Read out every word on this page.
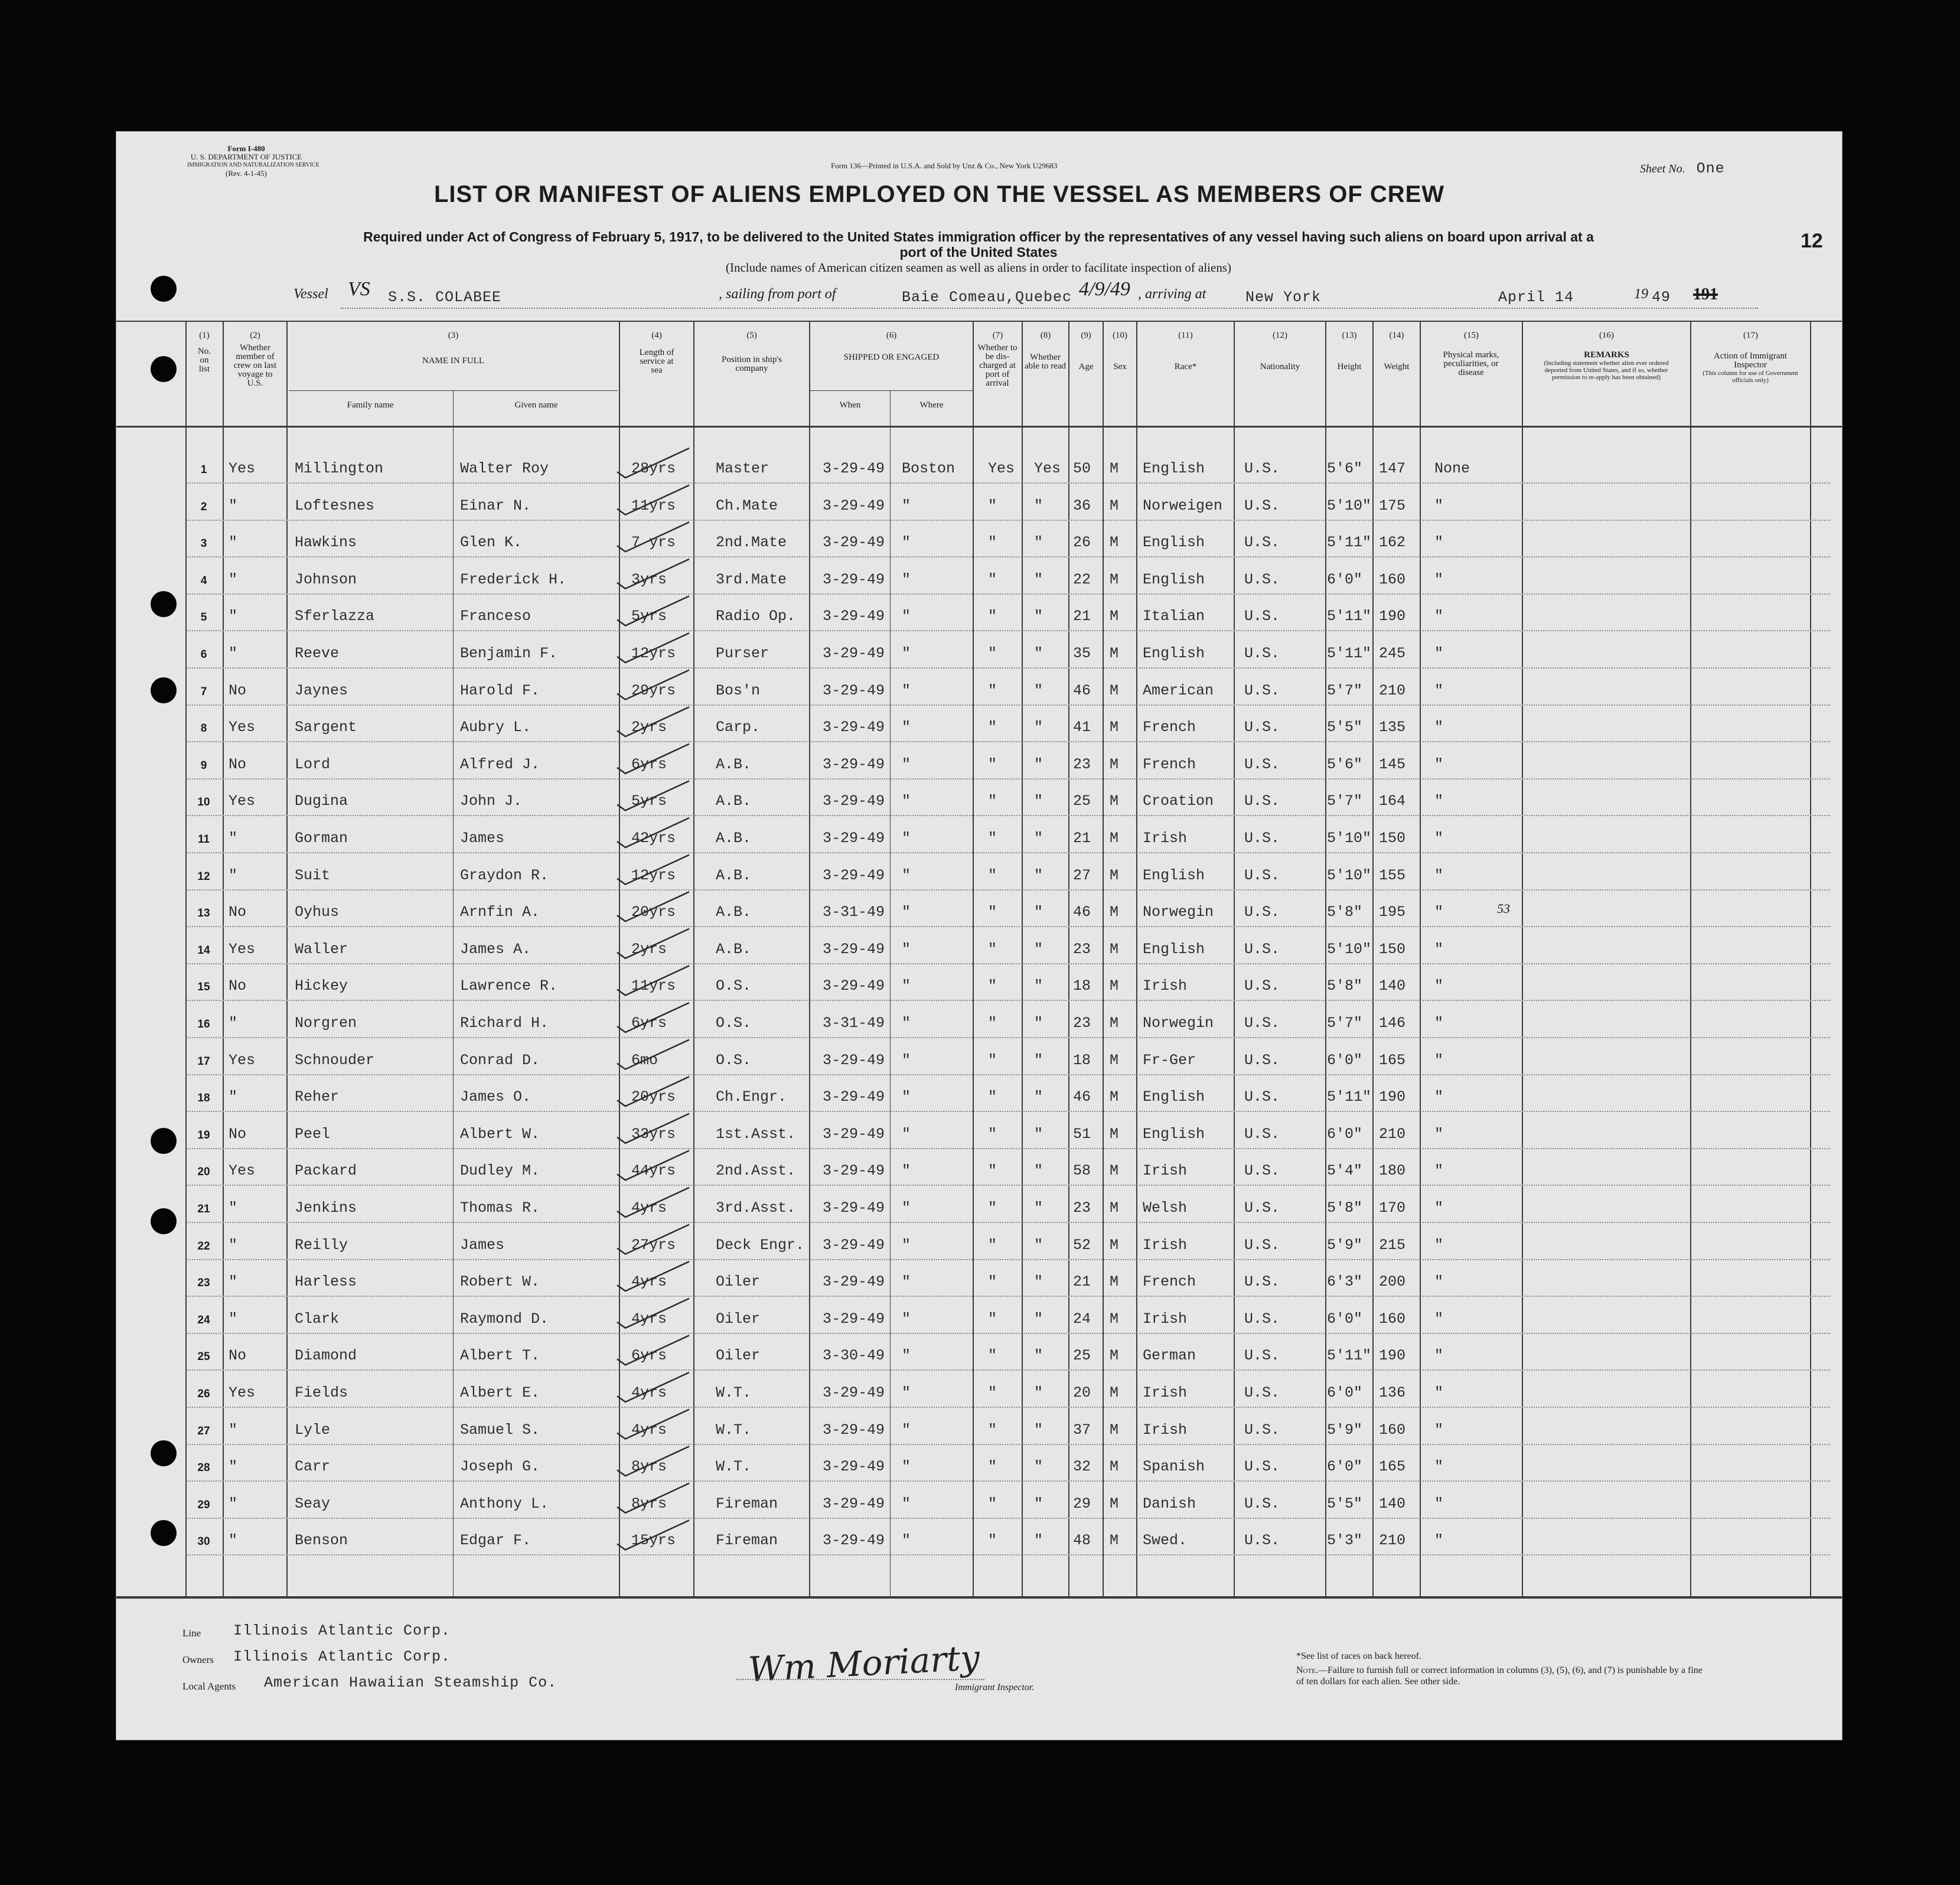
Form I-480
U. S. DEPARTMENT OF JUSTICE
IMMIGRATION AND NATURALIZATION SERVICE
(Rev. 4-1-45)
Form 136—Printed in U.S.A. and Sold by Unz & Co., New York U29683	Sheet No. One
LIST OR MANIFEST OF ALIENS EMPLOYED ON THE VESSEL AS MEMBERS OF CREW
Required under Act of Congress of February 5, 1917, to be delivered to the United States immigration officer by the representatives of any vessel having such aliens on board upon arrival at a
port of the United States
(Include names of American citizen seamen as well as aliens in order to facilitate inspection of aliens)
12
Vessel VS S.S. COLABEE	, sailing from port of	Baie Comeau,Quebec 4/9/49 , arriving at	New York	April 14	19 49 191
(1)
No. on list
(2)
Whether member of crew on last voyage to U.S.
(3)
NAME IN FULL
Family name	Given name
(4)
Length of service at sea
(5)
Position in ship's company
(6)
SHIPPED OR ENGAGED
When	Where
(7)
Whether to be dis-charged at port of arrival
(8)
Whether able to read
(9)
Age
(10)
Sex
(11)
Race*
(12)
Nationality
(13)
Height
(14)
Weight
(15)
Physical marks, peculiarities, or disease
(16)
REMARKS
(Including statement whether alien ever ordered deported from United States, and if so, whether permission to re-apply has been obtained)
(17)
Action of Immigrant Inspector
(This column for use of Government officials only)
1	Yes	Millington	Walter Roy	28yrs	Master	3-29-49 Boston Yes Yes 50 M English	U.S.	5'6" 147 None
2	"	Loftesnes	Einar N.	11yrs	Ch.Mate	3-29-49 "	"	" 36 M Norweigen U.S.	5'10" 175 "
3	"	Hawkins	Glen K.	7 yrs	2nd.Mate 3-29-49 "	"	" 26 M English	U.S.	5'11" 162 "
4	"	Johnson	Frederick H.	3yrs	3rd.Mate 3-29-49 "	"	" 22 M English	U.S.	6'0" 160 "
5	"	Sferlazza	Franceso	5yrs	Radio Op. 3-29-49 "	"	" 21 M Italian	U.S.	5'11" 190 "
6	"	Reeve	Benjamin F.	12yrs	Purser	3-29-49 "	"	" 35 M English	U.S.	5'11" 245 "
7	No	Jaynes	Harold F.	29yrs	Bos'n	3-29-49 "	"	" 46 M American U.S.	5'7" 210 "
8	Yes	Sargent	Aubry L.	2yrs	Carp.	3-29-49 "	"	" 41 M French	U.S.	5'5" 135 "
9	No	Lord	Alfred J.	6yrs	A.B.	3-29-49 "	"	" 23 M French	U.S.	5'6" 145 "
10	Yes	Dugina	John J.	5yrs	A.B.	3-29-49 "	"	" 25 M Croation U.S.	5'7" 164 "
11	"	Gorman	James	42yrs	A.B.	3-29-49 "	"	" 21 M Irish	U.S.	5'10" 150 "
12	"	Suit	Graydon R.	12yrs	A.B.	3-29-49 "	"	" 27 M English	U.S.	5'10" 155 "
13	No	Oyhus	Arnfin A.	20yrs	A.B.	3-31-49 "	"	" 46 M Norwegin U.S.	5'8" 195 "
14	Yes	Waller	James A.	2yrs	A.B.	3-29-49 "	"	" 23 M English	U.S.	5'10" 150 "
15	No	Hickey	Lawrence R.	11yrs	O.S.	3-29-49 "	"	" 18 M Irish	U.S.	5'8" 140 "
16	"	Norgren	Richard H.	6yrs	O.S.	3-31-49 "	"	" 23 M Norwegin U.S.	5'7" 146 "
17	Yes	Schnouder	Conrad D.	6mo	O.S.	3-29-49 "	"	" 18 M Fr-Ger	U.S.	6'0" 165 "
18	"	Reher	James O.	20yrs	Ch.Engr. 3-29-49 "	"	" 46 M English	U.S.	5'11" 190 "
19	No	Peel	Albert W.	33yrs	1st.Asst. 3-29-49 "	"	" 51 M English	U.S.	6'0" 210 "
20	Yes	Packard	Dudley M.	44yrs	2nd.Asst. 3-29-49 "	"	" 58 M Irish	U.S.	5'4" 180 "
21	"	Jenkins	Thomas R.	4yrs	3rd.Asst. 3-29-49 "	"	" 23 M Welsh	U.S.	5'8" 170 "
22	"	Reilly	James	27yrs	Deck Engr. 3-29-49 "	"	" 52 M Irish	U.S.	5'9" 215 "
23	"	Harless	Robert W.	4yrs	Oiler	3-29-49 "	"	" 21 M French	U.S.	6'3" 200 "
24	"	Clark	Raymond D.	4yrs	Oiler	3-29-49 "	"	" 24 M Irish	U.S.	6'0" 160 "
25	No	Diamond	Albert T.	6yrs	Oiler	3-30-49 "	"	" 25 M German	U.S.	5'11" 190 "
26	Yes	Fields	Albert E.	4yrs	W.T.	3-29-49 "	"	" 20 M Irish	U.S.	6'0" 136 "
27	"	Lyle	Samuel S.	4yrs	W.T.	3-29-49 "	"	" 37 M Irish	U.S.	5'9" 160 "
28	"	Carr	Joseph G.	8yrs	W.T.	3-29-49 "	"	" 32 M Spanish	U.S.	6'0" 165 "
29	"	Seay	Anthony L.	8yrs	Fireman	3-29-49 "	"	" 29 M Danish	U.S.	5'5" 140 "
30	"	Benson	Edgar F.	15yrs	Fireman	3-29-49 "	"	" 48 M Swed.	U.S.	5'3" 210 "
53
Line Illinois Atlantic Corp.
Owners Illinois Atlantic Corp.
Local Agents American Hawaiian Steamship Co.	Wm Moriarty
Immigrant Inspector.
*See list of races on back hereof.
Note.—Failure to furnish full or correct information in columns (3), (5), (6), and (7) is punishable by a fine of ten dollars for each alien. See other side.
